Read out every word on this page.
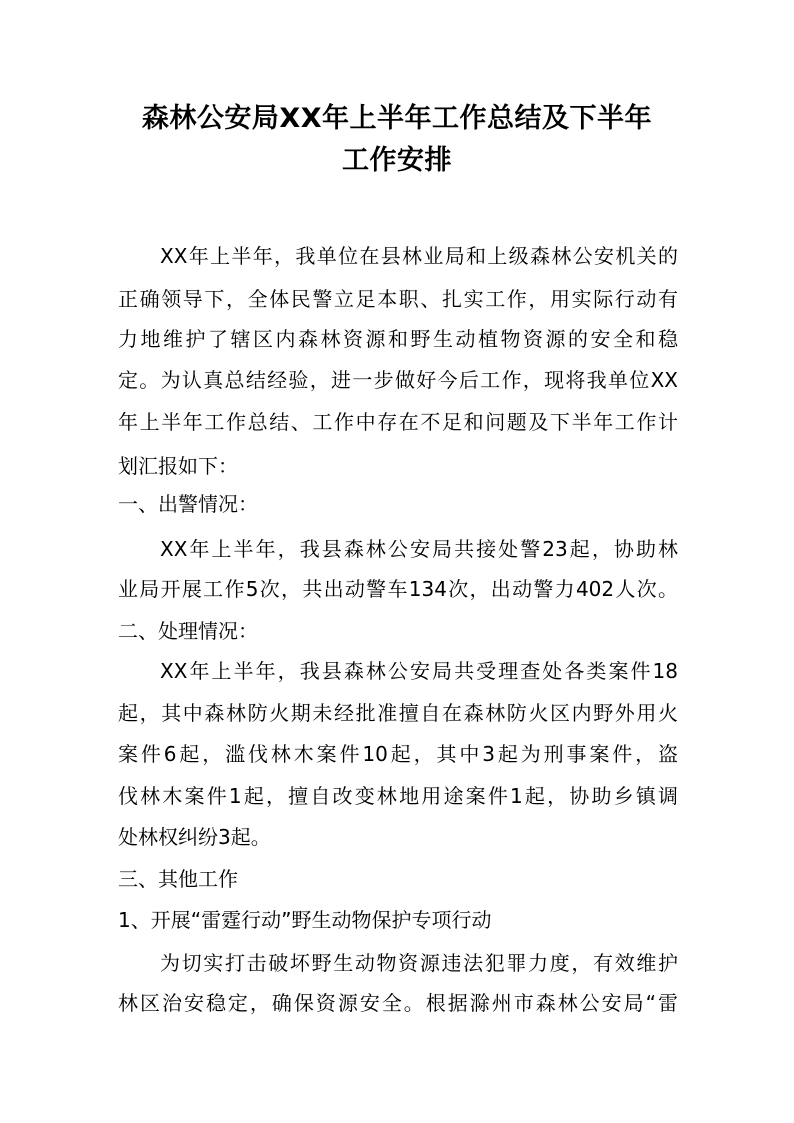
森林公安局XX年上半年工作总结及下半年
工作安排
XX年上半年，我单位在县林业局和上级森林公安机关的
正确领导下，全体民警立足本职、扎实工作，用实际行动有
力地维护了辖区内森林资源和野生动植物资源的安全和稳
定。为认真总结经验，进一步做好今后工作，现将我单位XX
年上半年工作总结、工作中存在不足和问题及下半年工作计
划汇报如下：
一、出警情况：
XX年上半年，我县森林公安局共接处警23起，协助林
业局开展工作5次，共出动警车134次，出动警力402人次。
二、处理情况：
XX年上半年，我县森林公安局共受理查处各类案件18
起，其中森林防火期未经批准擅自在森林防火区内野外用火
案件6起，滥伐林木案件10起，其中3起为刑事案件，盗
伐林木案件1起，擅自改变林地用途案件1起，协助乡镇调
处林权纠纷3起。
三、其他工作
1、开展“雷霆行动”野生动物保护专项行动
为切实打击破坏野生动物资源违法犯罪力度，有效维护
林区治安稳定，确保资源安全。根据滁州市森林公安局“雷
